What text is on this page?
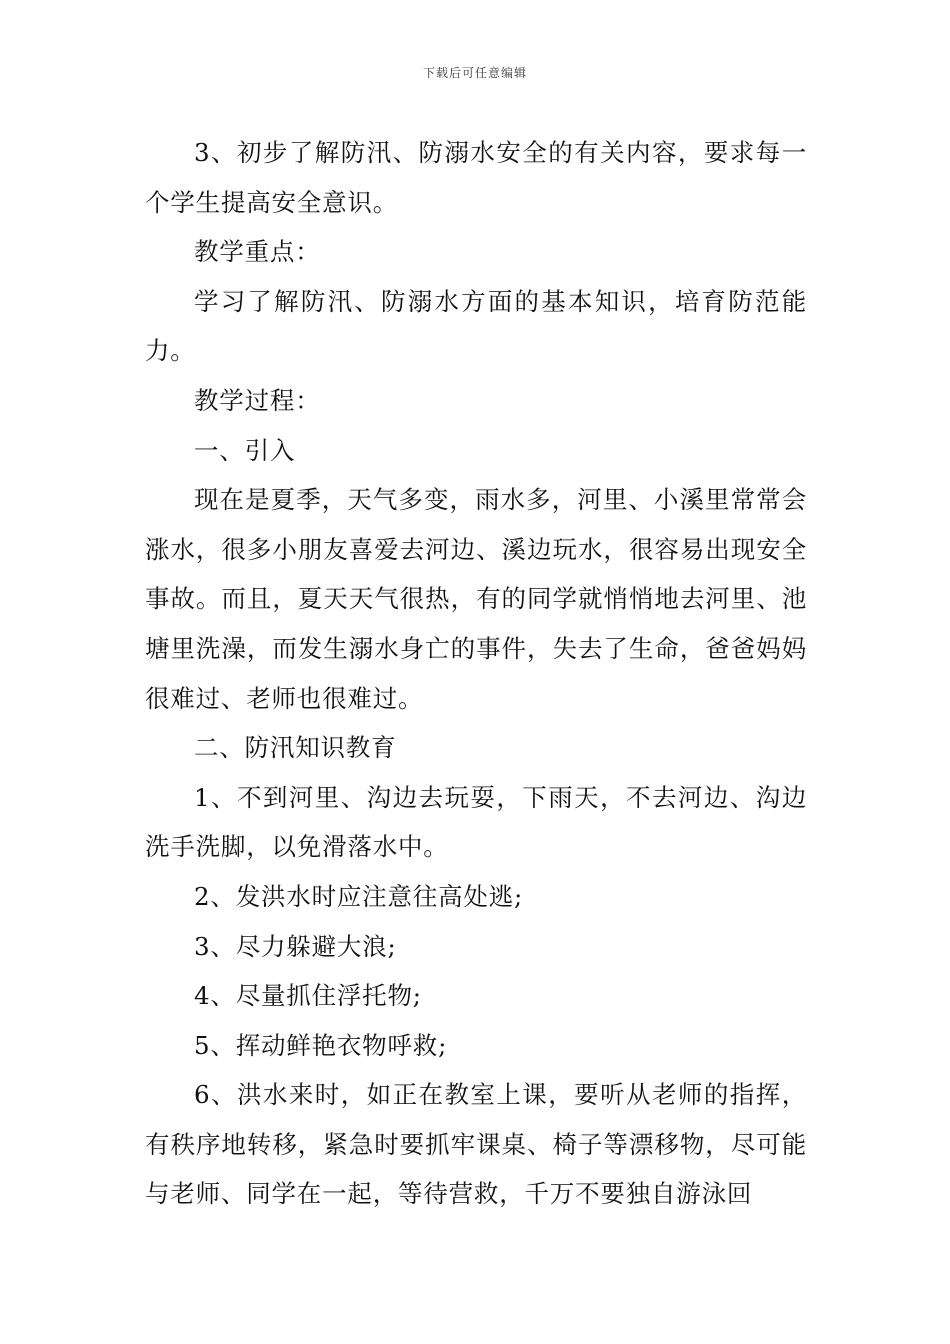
下载后可任意编辑

3、初步了解防汛、防溺水安全的有关内容，要求每一个学生提高安全意识。

教学重点：

学习了解防汛、防溺水方面的基本知识，培育防范能力。

教学过程：

一、引入

现在是夏季，天气多变，雨水多，河里、小溪里常常会涨水，很多小朋友喜爱去河边、溪边玩水，很容易出现安全事故。而且，夏天天气很热，有的同学就悄悄地去河里、池塘里洗澡，而发生溺水身亡的事件，失去了生命，爸爸妈妈很难过、老师也很难过。

二、防汛知识教育

1、不到河里、沟边去玩耍，下雨天，不去河边、沟边洗手洗脚，以免滑落水中。

2、发洪水时应注意往高处逃;

3、尽力躲避大浪;

4、尽量抓住浮托物;

5、挥动鲜艳衣物呼救;

6、洪水来时，如正在教室上课，要听从老师的指挥，有秩序地转移，紧急时要抓牢课桌、椅子等漂移物，尽可能与老师、同学在一起，等待营救，千万不要独自游泳回
